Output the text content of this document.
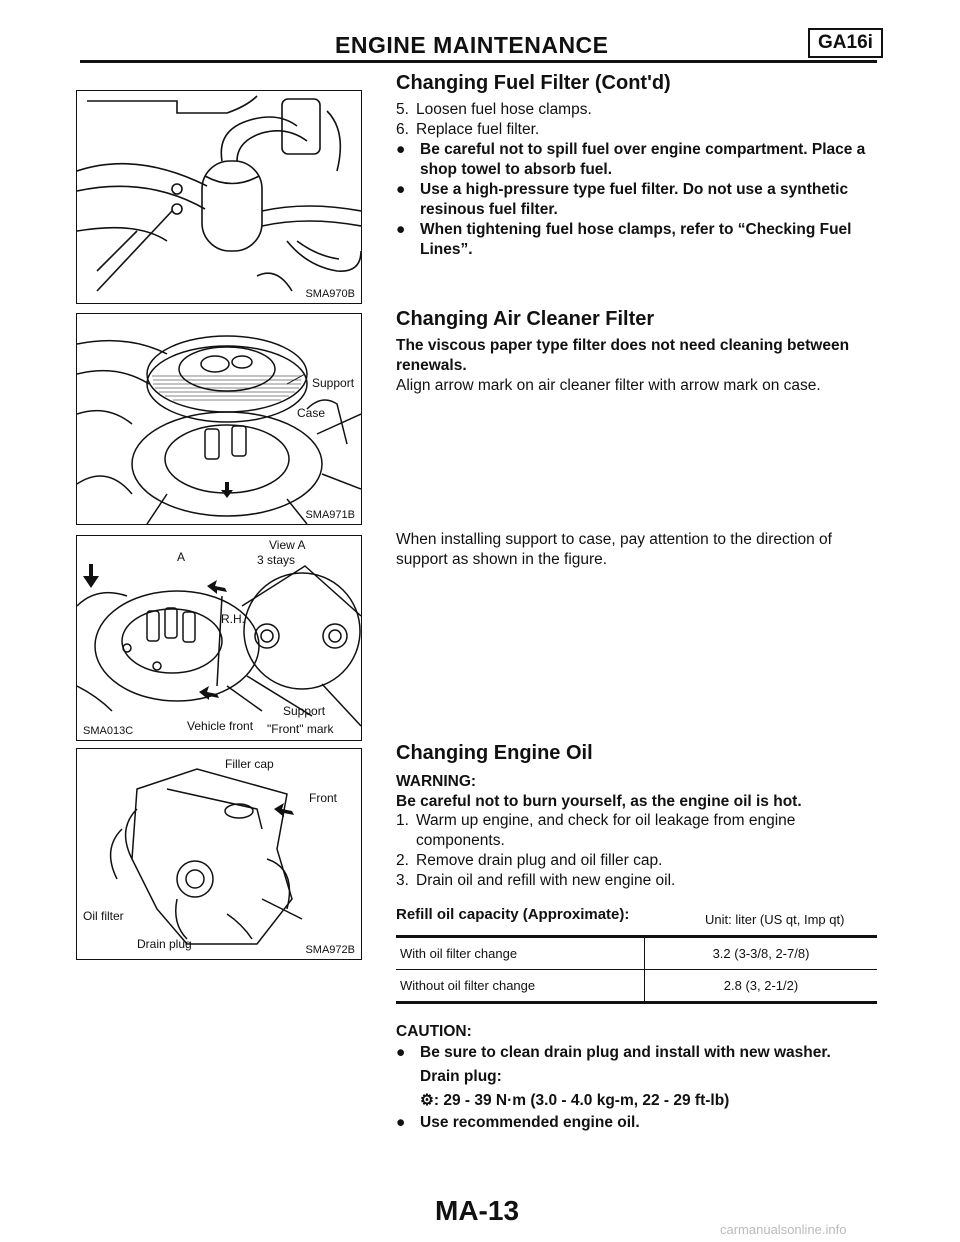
ENGINE MAINTENANCE	GA16i
SMA970B
Support
Case
SMA971B
View A
3 stays
A
R.H.
Support
Vehicle front "Front" mark
SMA013C
Filler cap
Front
Oil filter
Drain plug	SMA972B
Changing Fuel Filter (Cont'd)
5. Loosen fuel hose clamps.
6. Replace fuel filter.
● Be careful not to spill fuel over engine compartment. Place a shop towel to absorb fuel.
● Use a high-pressure type fuel filter. Do not use a synthetic resinous fuel filter.
● When tightening fuel hose clamps, refer to “Checking Fuel Lines”.
Changing Air Cleaner Filter
The viscous paper type filter does not need cleaning between renewals.
Align arrow mark on air cleaner filter with arrow mark on case.
When installing support to case, pay attention to the direction of support as shown in the figure.
Changing Engine Oil
WARNING:
Be careful not to burn yourself, as the engine oil is hot.
1. Warm up engine, and check for oil leakage from engine components.
2. Remove drain plug and oil filler cap.
3. Drain oil and refill with new engine oil.
Refill oil capacity (Approximate):	Unit: liter (US qt, Imp qt)
With oil filter change	3.2 (3-3/8, 2-7/8)
Without oil filter change	2.8 (3, 2-1/2)
CAUTION:
● Be sure to clean drain plug and install with new washer.
Drain plug:
⚙ : 29 - 39 N·m (3.0 - 4.0 kg-m, 22 - 29 ft-lb)
● Use recommended engine oil.
MA-13
carmanualsonline.info
